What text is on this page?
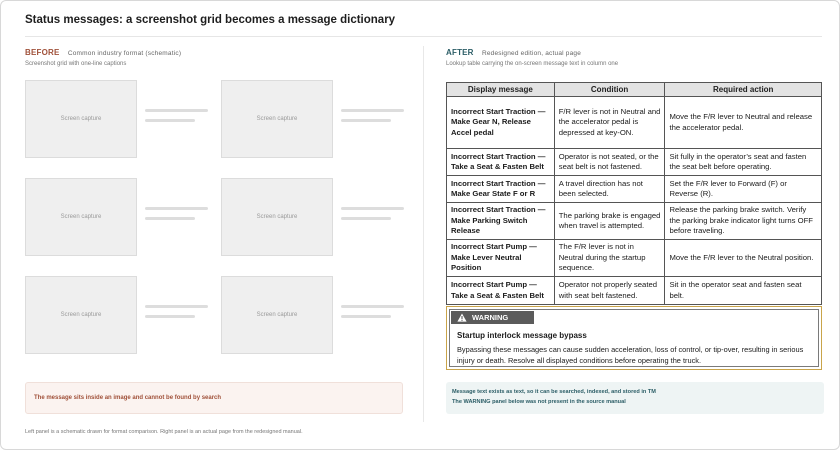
Status messages: a screenshot grid becomes a message dictionary
BEFORE Common industry format (schematic)
Screenshot grid with one-line captions
Screen capture	Screen capture
Screen capture	Screen capture
Screen capture	Screen capture
The message sits inside an image and cannot be found by search
AFTER Redesigned edition, actual page
Lookup table carrying the on-screen message text in column one
Display message	Condition	Required action
Incorrect Start Traction — Make Gear N, Release Accel pedal	F/R lever is not in Neutral and the accelerator pedal is depressed at key-ON.	Move the F/R lever to Neutral and release the accelerator pedal.
Incorrect Start Traction — Take a Seat & Fasten Belt	Operator is not seated, or the seat belt is not fastened.	Sit fully in the operator’s seat and fasten the seat belt before operating.
Incorrect Start Traction — Make Gear State F or R	A travel direction has not been selected.	Set the F/R lever to Forward (F) or Reverse (R).
Incorrect Start Traction — Make Parking Switch Release	The parking brake is engaged when travel is attempted.	Release the parking brake switch. Verify the parking brake indicator light turns OFF before traveling.
Incorrect Start Pump — Make Lever Neutral Position	The F/R lever is not in Neutral during the startup sequence.	Move the F/R lever to the Neutral position.
Incorrect Start Pump — Take a Seat & Fasten Belt	Operator not properly seated with seat belt fastened.	Sit in the operator seat and fasten seat belt.
WARNING
Startup interlock message bypass
Bypassing these messages can cause sudden acceleration, loss of control, or tip-over, resulting in serious injury or death. Resolve all displayed conditions before operating the truck.
Message text exists as text, so it can be searched, indexed, and stored in TM
The WARNING panel below was not present in the source manual
Left panel is a schematic drawn for format comparison. Right panel is an actual page from the redesigned manual.
